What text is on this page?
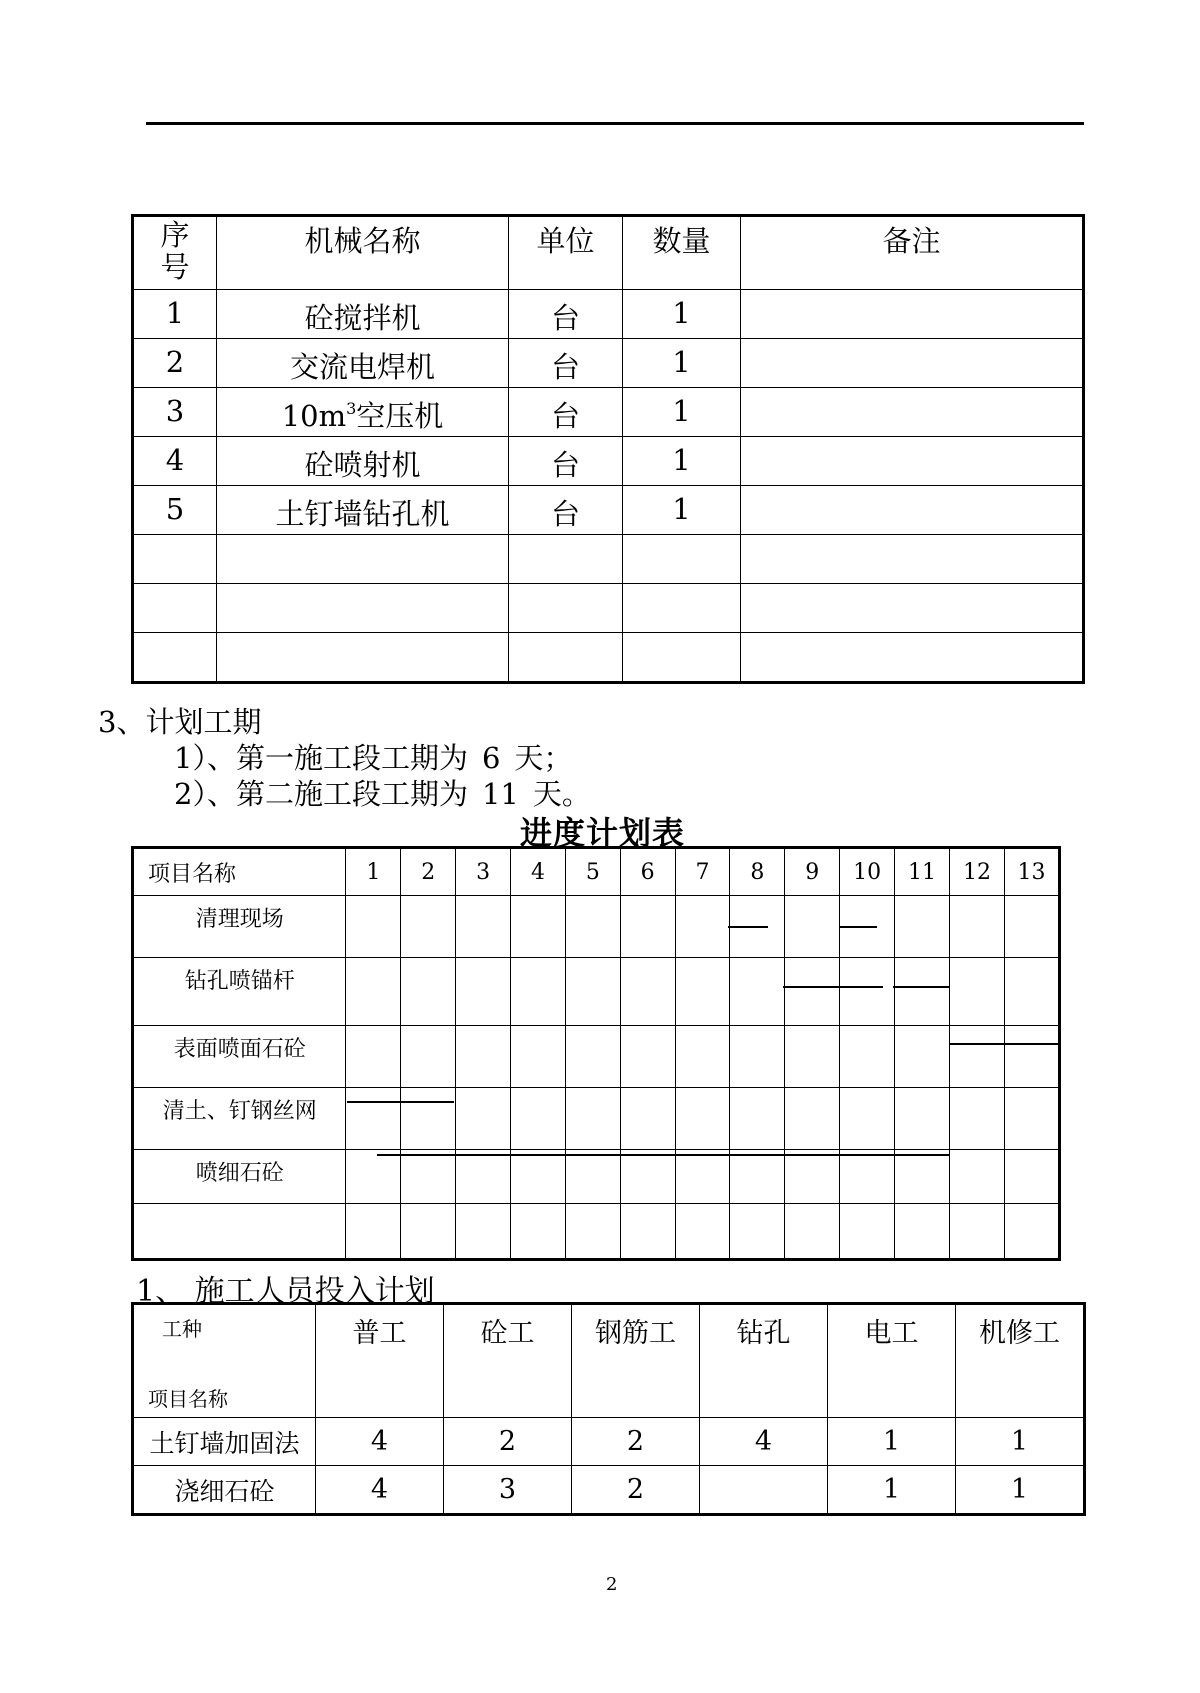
序
号	机械名称	单位	数量	备注

1	砼搅拌机	台	1	

2	交流电焊机	台	1	

3	$10m^3$空压机	台	1	

4	砼喷射机	台	1	

5	土钉墙钻孔机	台	1	

3、计划工期
1）、第一施工段工期为 6 天；
2）、第二施工段工期为 11 天。
进度计划表
项目名称	1	2	3	4	5	6	7	8	9	10	11	12	13
清理现场													
钻孔喷锚杆													
表面喷面石砼													
清土、钉钢丝网													
喷细石砼													

1、 施工人员投入计划
工种
项目名称	普工	砼工	钢筋工	钻孔	电工	机修工

土钉墙加固法	4	2	2	4	1	1
浇细石砼	4	3	2		1	1
2
